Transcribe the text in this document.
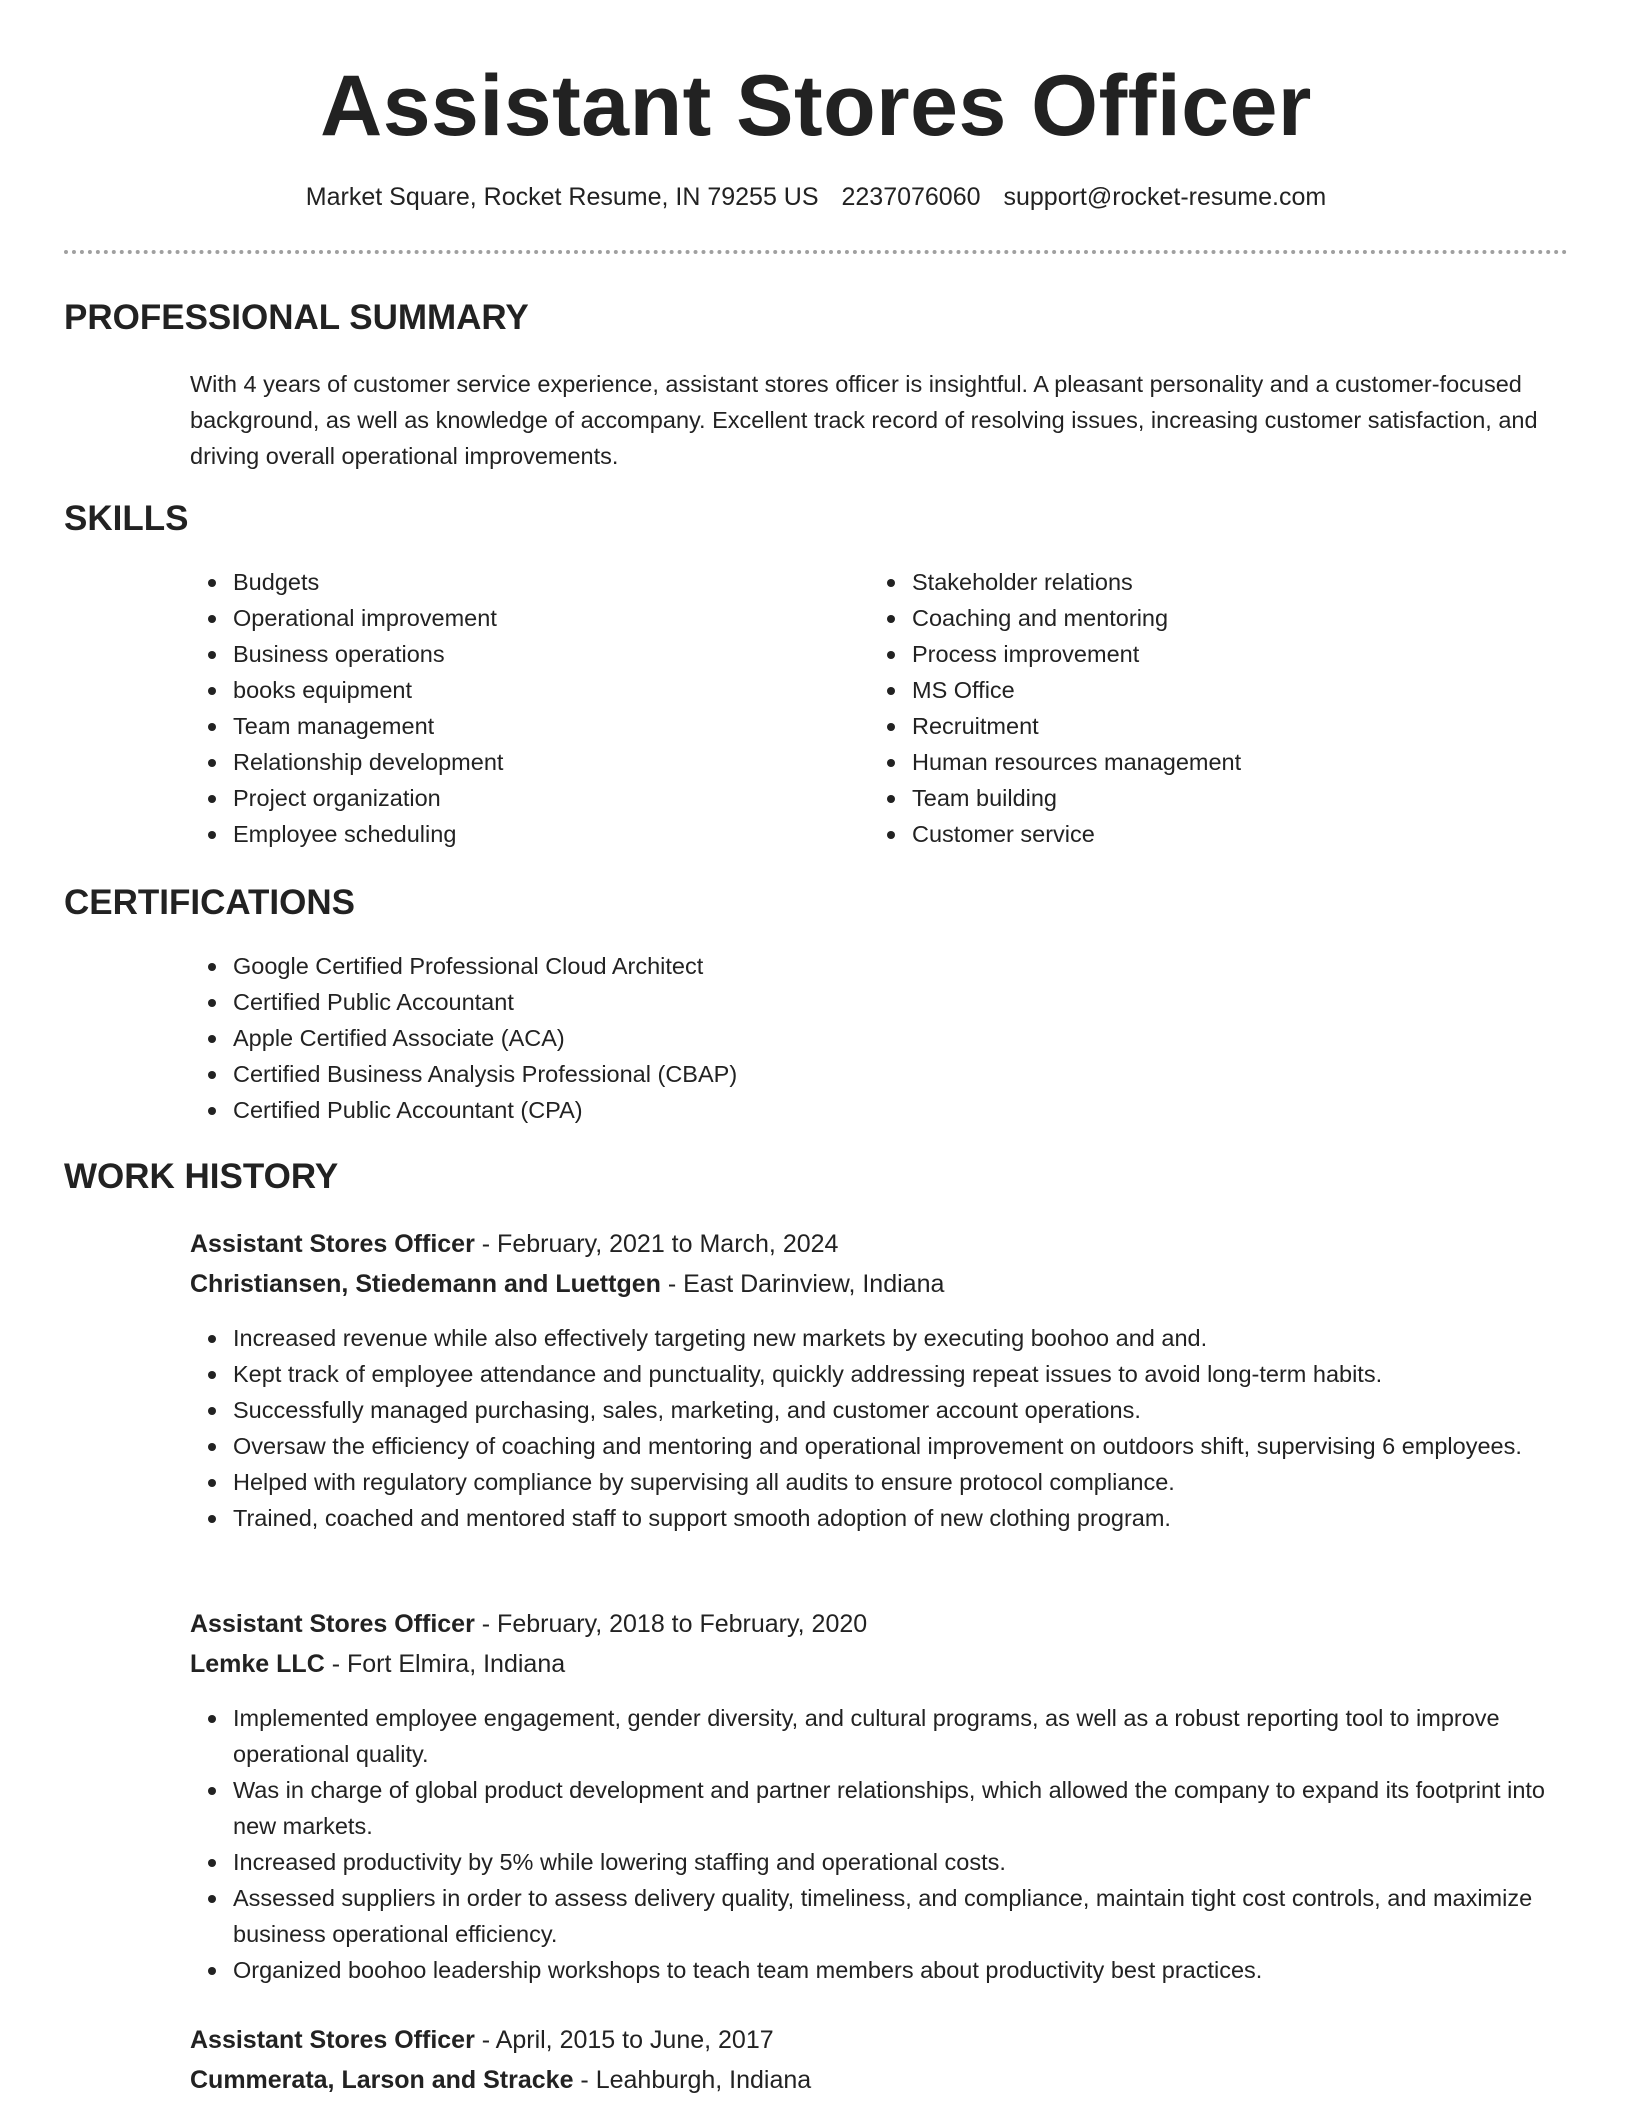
Assistant Stores Officer
Market Square, Rocket Resume, IN 79255 US 2237076060 support@rocket-resume.com
PROFESSIONAL SUMMARY

With 4 years of customer service experience, assistant stores officer is insightful. A pleasant personality and a customer-focused background, as well as knowledge of accompany. Excellent track record of resolving issues, increasing customer satisfaction, and driving overall operational improvements.

SKILLS
Budgets
Operational improvement
Business operations
books equipment
Team management
Relationship development
Project organization
Employee scheduling
Stakeholder relations
Coaching and mentoring
Process improvement
MS Office
Recruitment
Human resources management
Team building
Customer service
CERTIFICATIONS
Google Certified Professional Cloud Architect
Certified Public Accountant
Apple Certified Associate (ACA)
Certified Business Analysis Professional (CBAP)
Certified Public Accountant (CPA)
WORK HISTORY
Assistant Stores Officer - February, 2021 to March, 2024
Christiansen, Stiedemann and Luettgen - East Darinview, Indiana
Increased revenue while also effectively targeting new markets by executing boohoo and and.
Kept track of employee attendance and punctuality, quickly addressing repeat issues to avoid long-term habits.
Successfully managed purchasing, sales, marketing, and customer account operations.
Oversaw the efficiency of coaching and mentoring and operational improvement on outdoors shift, supervising 6 employees.
Helped with regulatory compliance by supervising all audits to ensure protocol compliance.
Trained, coached and mentored staff to support smooth adoption of new clothing program.
Assistant Stores Officer - February, 2018 to February, 2020
Lemke LLC - Fort Elmira, Indiana
Implemented employee engagement, gender diversity, and cultural programs, as well as a robust reporting tool to improve operational quality.
Was in charge of global product development and partner relationships, which allowed the company to expand its footprint into new markets.
Increased productivity by 5% while lowering staffing and operational costs.
Assessed suppliers in order to assess delivery quality, timeliness, and compliance, maintain tight cost controls, and maximize business operational efficiency.
Organized boohoo leadership workshops to teach team members about productivity best practices.
Assistant Stores Officer - April, 2015 to June, 2017
Cummerata, Larson and Stracke - Leahburgh, Indiana
